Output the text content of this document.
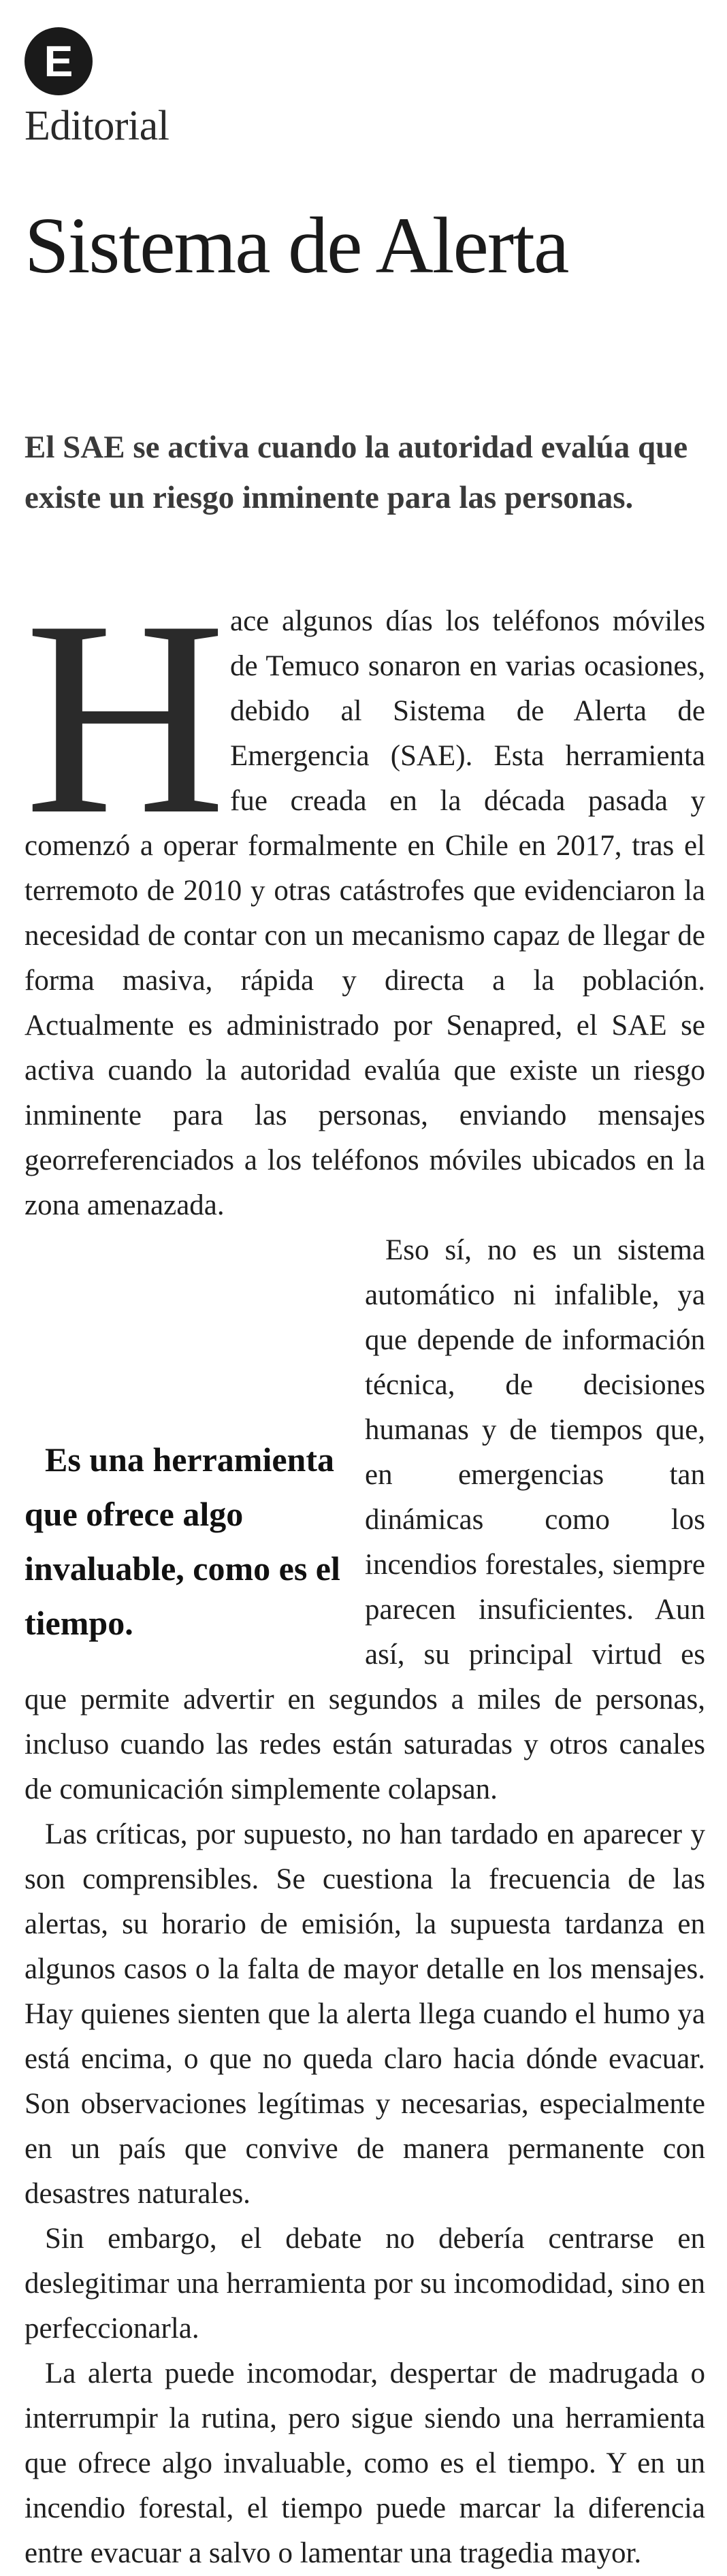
E
Editorial
Sistema de Alerta
El SAE se activa cuando la autoridad evalúa que existe un riesgo inminente para las personas.

Hace algunos días los teléfonos móviles de Temuco sonaron en varias ocasiones, debido al Sistema de Alerta de Emergencia (SAE). Esta herramienta fue creada en la década pasada y comenzó a operar formalmente en Chile en 2017, tras el terremoto de 2010 y otras catástrofes que evidenciaron la necesidad de contar con un mecanismo capaz de llegar de forma masiva, rápida y directa a la población. Actualmente es administrado por Senapred, el SAE se activa cuando la autoridad evalúa que existe un riesgo inminente para las personas, enviando mensajes georreferenciados a los teléfonos móviles ubicados en la zona amenazada.

Es una herramienta que ofrece algo invaluable, como es el tiempo.
Eso sí, no es un sistema automático ni infalible, ya que depende de información técnica, de decisiones humanas y de tiempos que, en emergencias tan dinámicas como los incendios forestales, siempre parecen insuficientes. Aun así, su principal virtud es que permite advertir en segundos a miles de personas, incluso cuando las redes están saturadas y otros canales de comunicación simplemente colapsan.

Las críticas, por supuesto, no han tardado en aparecer y son comprensibles. Se cuestiona la frecuencia de las alertas, su horario de emisión, la supuesta tardanza en algunos casos o la falta de mayor detalle en los mensajes. Hay quienes sienten que la alerta llega cuando el humo ya está encima, o que no queda claro hacia dónde evacuar. Son observaciones legítimas y necesarias, especialmente en un país que convive de manera permanente con desastres naturales.

Sin embargo, el debate no debería centrarse en deslegitimar una herramienta por su incomodidad, sino en perfeccionarla.

La alerta puede incomodar, despertar de madrugada o interrumpir la rutina, pero sigue siendo una herramienta que ofrece algo invaluable, como es el tiempo. Y en un incendio forestal, el tiempo puede marcar la diferencia entre evacuar a salvo o lamentar una tragedia mayor.
